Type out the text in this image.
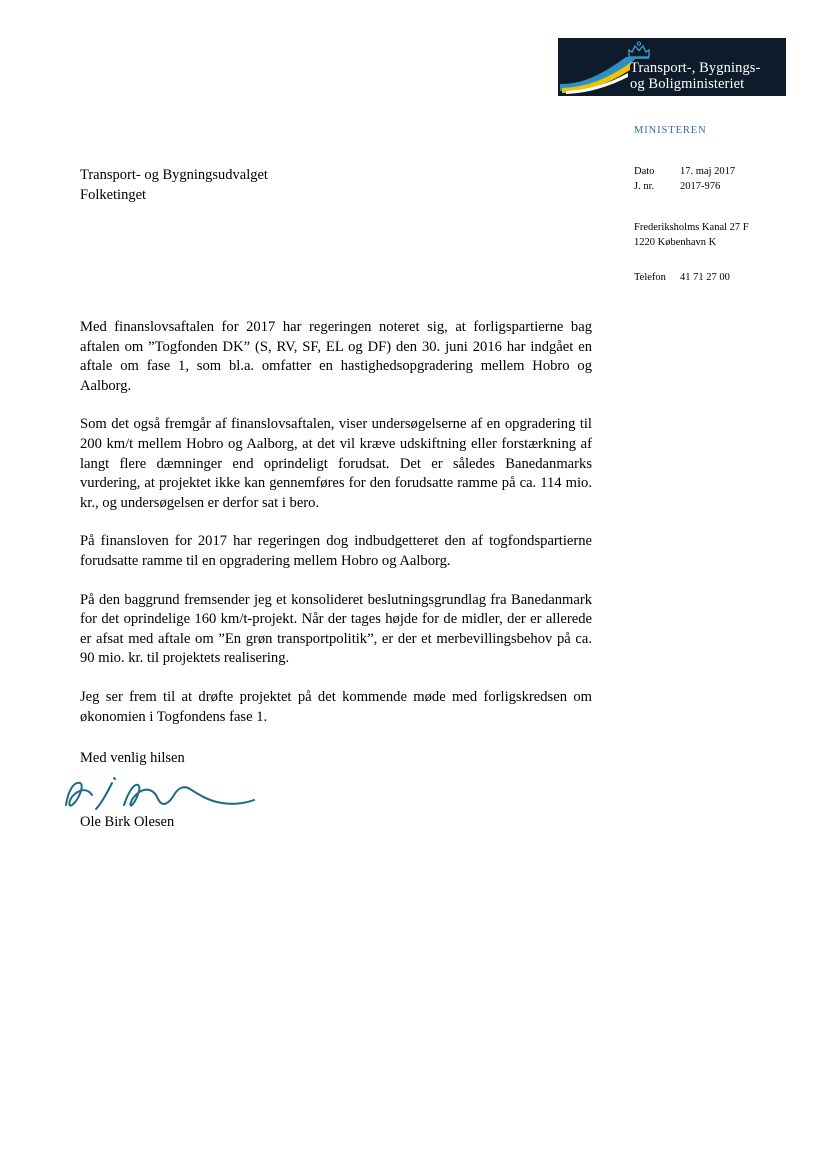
Transport-, Bygnings-
og Boligministeriet
MINISTEREN
Dato	17. maj 2017
J. nr.	2017-976
Frederiksholms Kanal 27 F
1220 København K
Telefon	41 71 27 00
Transport- og Bygningsudvalget
Folketinget

Med finanslovsaftalen for 2017 har regeringen noteret sig, at forligspartierne bag aftalen om ”Togfonden DK” (S, RV, SF, EL og DF) den 30. juni 2016 har indgået en aftale om fase 1, som bl.a. omfatter en hastighedsopgradering mellem Hobro og Aalborg.

Som det også fremgår af finanslovsaftalen, viser undersøgelserne af en opgradering til 200 km/t mellem Hobro og Aalborg, at det vil kræve udskiftning eller forstærkning af langt flere dæmninger end oprindeligt forudsat. Det er således Banedanmarks vurdering, at projektet ikke kan gennemføres for den forudsatte ramme på ca. 114 mio. kr., og undersøgelsen er derfor sat i bero.

På finansloven for 2017 har regeringen dog indbudgetteret den af togfondspartierne forudsatte ramme til en opgradering mellem Hobro og Aalborg.

På den baggrund fremsender jeg et konsolideret beslutningsgrundlag fra Banedanmark for det oprindelige 160 km/t-projekt. Når der tages højde for de midler, der er allerede er afsat med aftale om ”En grøn transportpolitik”, er der et merbevillingsbehov på ca. 90 mio. kr. til projektets realisering.

Jeg ser frem til at drøfte projektet på det kommende møde med forligskredsen om økonomien i Togfondens fase 1.

Med venlig hilsen
Ole Birk Olesen
